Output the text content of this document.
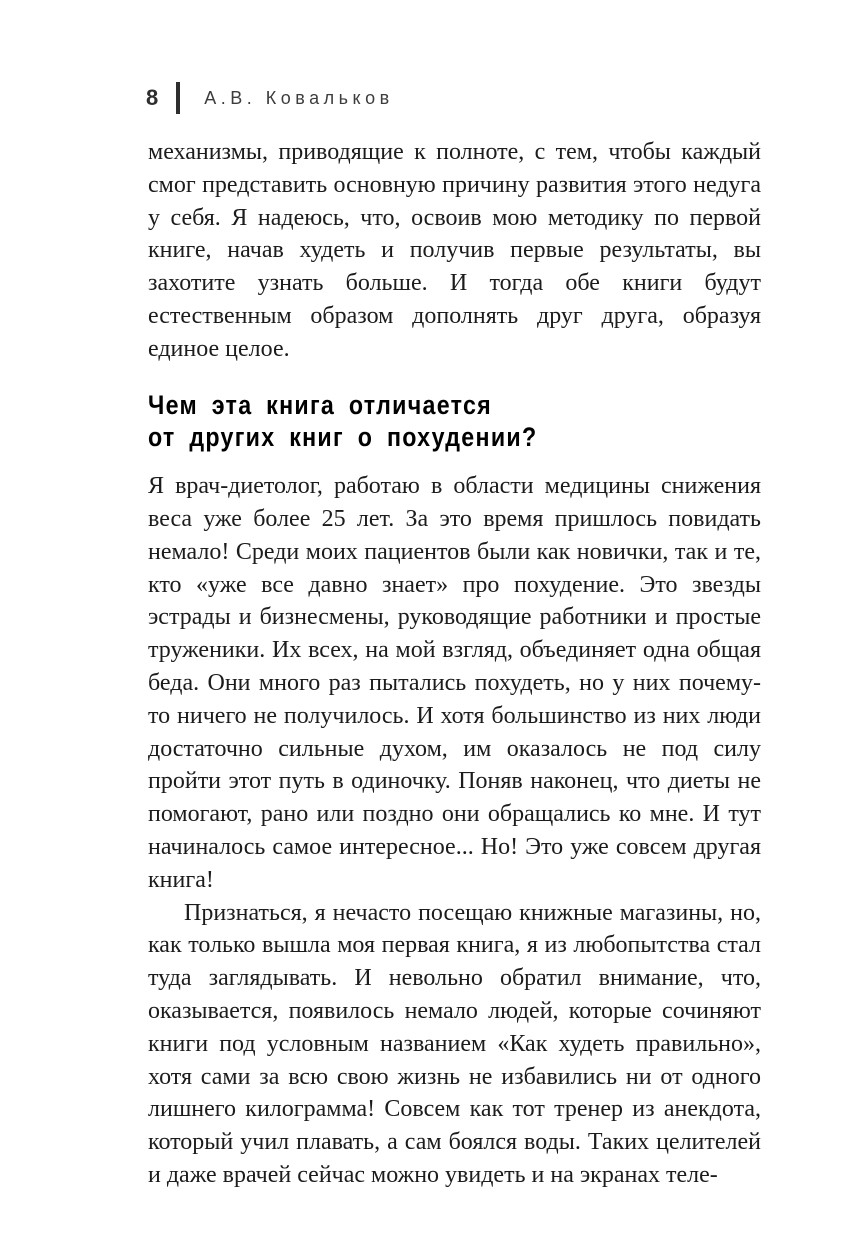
8	А.В. Ковальков

механизмы, приводящие к полноте, с тем, чтобы каждый смог представить основную причину развития этого недуга у себя. Я надеюсь, что, освоив мою методику по первой книге, начав худеть и получив первые результаты, вы захотите узнать больше. И тогда обе книги будут естественным образом дополнять друг друга, образуя единое целое.

Чем эта книга отличается
от других книг о похудении?

Я врач-диетолог, работаю в области медицины снижения веса уже более 25 лет. За это время пришлось повидать немало! Среди моих пациентов были как новички, так и те, кто «уже все давно знает» про похудение. Это звезды эстрады и бизнесмены, руководящие работники и простые труженики. Их всех, на мой взгляд, объединяет одна общая беда. Они много раз пытались похудеть, но у них почему-то ничего не получилось. И хотя большинство из них люди достаточно сильные духом, им оказалось не под силу пройти этот путь в одиночку. Поняв наконец, что диеты не помогают, рано или поздно они обращались ко мне. И тут начиналось самое интересное... Но! Это уже совсем другая книга!

Признаться, я нечасто посещаю книжные магазины, но, как только вышла моя первая книга, я из любопытства стал туда заглядывать. И невольно обратил внимание, что, оказывается, появилось немало людей, которые сочиняют книги под условным названием «Как худеть правильно», хотя сами за всю свою жизнь не избавились ни от одного лишнего килограмма! Совсем как тот тренер из анекдота, который учил плавать, а сам боялся воды. Таких целителей и даже врачей сейчас можно увидеть и на экранах теле-
